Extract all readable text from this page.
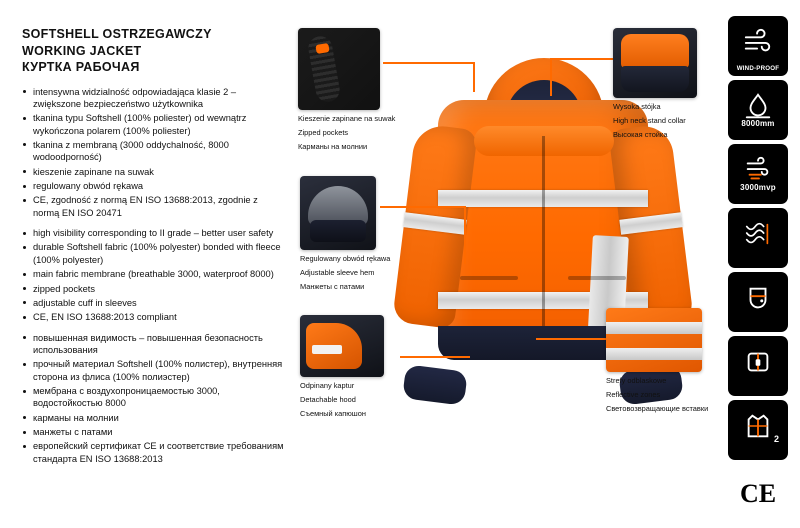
SOFTSHELL OSTRZEGAWCZY
WORKING JACKET
КУРТКА РАБОЧАЯ
intensywna widzialność odpowiadająca klasie 2 – zwiększone bezpieczeństwo użytkownika
tkanina typu Softshell (100% poliester) od wewnątrz wykończona polarem (100% poliester)
tkanina z membraną (3000 oddychalność, 8000 wodoodporność)
kieszenie zapinane na suwak
regulowany obwód rękawa
CE, zgodność z normą EN ISO 13688:2013, zgodnie z normą EN ISO 20471
high visibility corresponding to II grade – better user safety
durable Softshell fabric (100% polyester) bonded with fleece (100% polyester)
main fabric membrane (breathable 3000, waterproof 8000)
zipped pockets
adjustable cuff in sleeves
CE, EN ISO 13688:2013 compliant
повышенная видимость – повышенная безопасность использования
прочный материал Softshell (100% полистер), внутренняя сторона из флиса (100% полиэстер)
мембрана с воздухопроницаемостью 3000, водостойкостью 8000
карманы на молнии
манжеты с патами
европейский сертификат CE и соответствие требованиям стандарта EN ISO 13688:2013
Kieszenie zapinane na suwak
Zipped pockets
Карманы на молнии
Regulowany obwód rękawa
Adjustable sleeve hem
Манжеты с патами
Odpinany kaptur
Detachable hood
Съемный капюшон
Wysoka stójka
High neck stand collar
Высокая стойка
Strefy odblaskowe
Reflective zones
Световозвращающие вставки
WIND-PROOF
8000mm
3000mvp
2
CE
